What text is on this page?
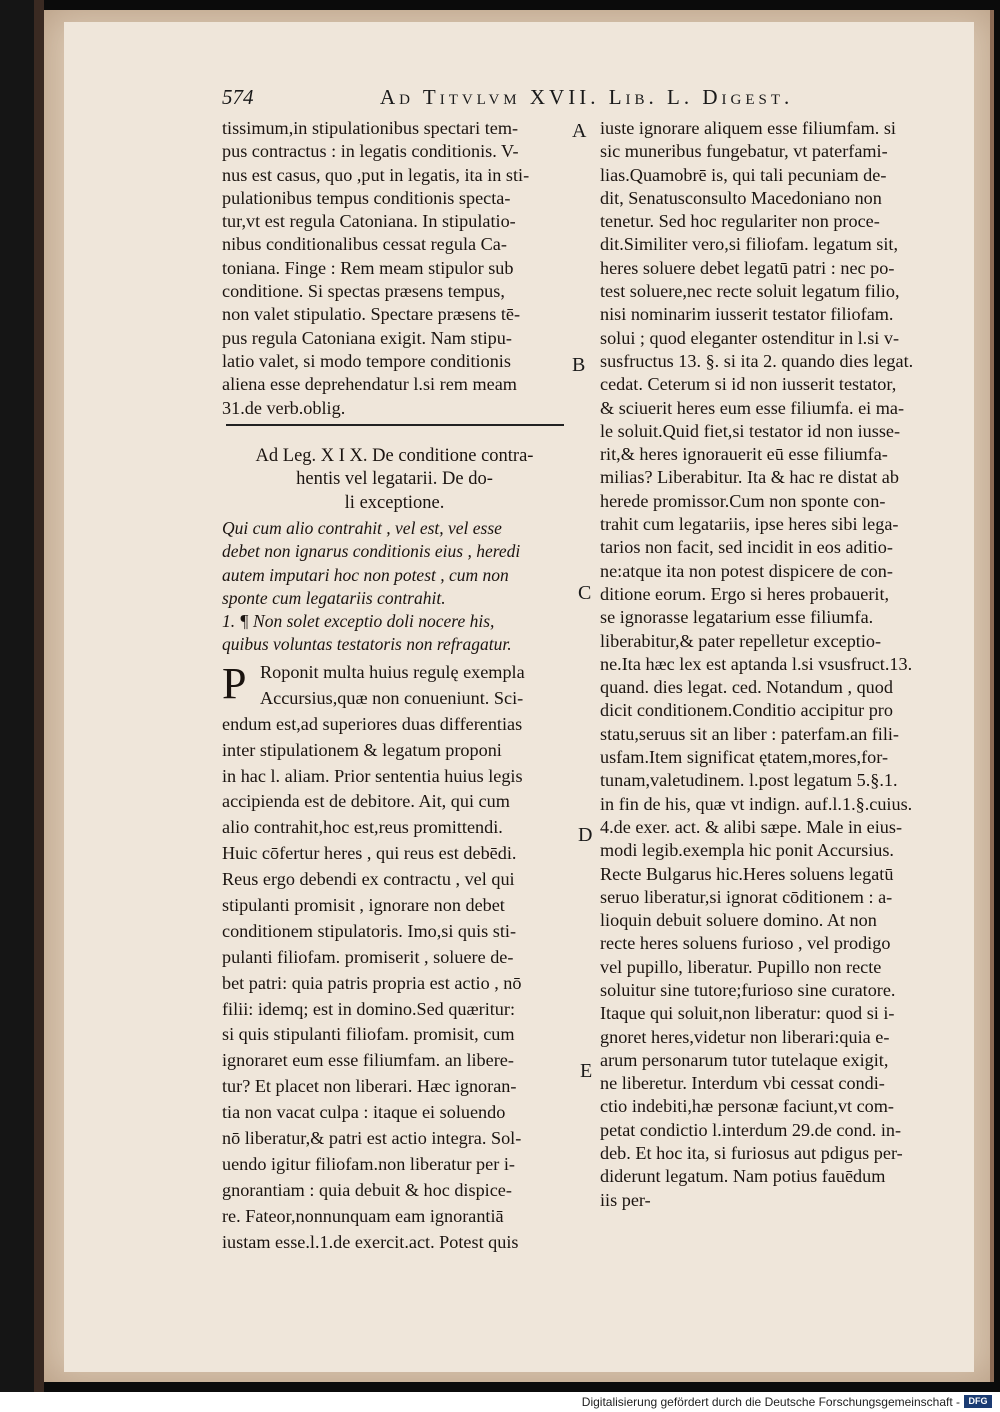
574	Ad Titvlvm XVII. Lib. L. Digest.
tissimum,in stipulationibus spectari tem-
pus contractus : in legatis conditionis. V-
nus est casus, quo ,put in legatis, ita in sti-
pulationibus tempus conditionis specta-
tur,vt est regula Catoniana. In stipulatio-
nibus conditionalibus cessat regula Ca-
toniana. Finge : Rem meam stipulor sub
conditione. Si spectas præsens tempus,
non valet stipulatio. Spectare præsens tē-
pus regula Catoniana exigit. Nam stipu-
latio valet, si modo tempore conditionis
aliena esse deprehendatur l.si rem meam
31.de verb.oblig.
Ad Leg. X I X. De conditione contra-
hentis vel legatarii. De do-
li exceptione.
Qui cum alio contrahit , vel est, vel esse
debet non ignarus conditionis eius , heredi
autem imputari hoc non potest , cum non
sponte cum legatariis contrahit.
1. ¶ Non solet exceptio doli nocere his,
quibus voluntas testatoris non refragatur.
P Roponit multa huius regulę exempla
Accursius,quæ non conueniunt. Sci-
endum est,ad superiores duas differentias
inter stipulationem & legatum proponi
in hac l. aliam. Prior sententia huius legis
accipienda est de debitore. Ait, qui cum
alio contrahit,hoc est,reus promittendi.
Huic cōfertur heres , qui reus est debēdi.
Reus ergo debendi ex contractu , vel qui
stipulanti promisit , ignorare non debet
conditionem stipulatoris. Imo,si quis sti-
pulanti filiofam. promiserit , soluere de-
bet patri: quia patris propria est actio , nō
filii: idemq; est in domino.Sed quæritur:
si quis stipulanti filiofam. promisit, cum
ignoraret eum esse filiumfam. an libere-
tur? Et placet non liberari. Hæc ignoran-
tia non vacat culpa : itaque ei soluendo
nō liberatur,& patri est actio integra. Sol-
uendo igitur filiofam.non liberatur per i-
gnorantiam : quia debuit & hoc dispice-
re. Fateor,nonnunquam eam ignorantiā
iustam esse.l.1.de exercit.act. Potest quis
iuste ignorare aliquem esse filiumfam. si
sic muneribus fungebatur, vt paterfami-
lias.Quamobrē is, qui tali pecuniam de-
dit, Senatusconsulto Macedoniano non
tenetur. Sed hoc regulariter non proce-
dit.Similiter vero,si filiofam. legatum sit,
heres soluere debet legatū patri : nec po-
test soluere,nec recte soluit legatum filio,
nisi nominarim iusserit testator filiofam.
solui ; quod eleganter ostenditur in l.si v-
susfructus 13. §. si ita 2. quando dies legat.
cedat. Ceterum si id non iusserit testator,
& sciuerit heres eum esse filiumfa. ei ma-
le soluit.Quid fiet,si testator id non iusse-
rit,& heres ignorauerit eū esse filiumfa-
milias? Liberabitur. Ita & hac re distat ab
herede promissor.Cum non sponte con-
trahit cum legatariis, ipse heres sibi lega-
tarios non facit, sed incidit in eos aditio-
ne:atque ita non potest dispicere de con-
ditione eorum. Ergo si heres probauerit,
se ignorasse legatarium esse filiumfa.
liberabitur,& pater repelletur exceptio-
ne.Ita hæc lex est aptanda l.si vsusfruct.13.
quand. dies legat. ced. Notandum , quod
dicit conditionem.Conditio accipitur pro
statu,seruus sit an liber : paterfam.an fili-
usfam.Item significat ętatem,mores,for-
tunam,valetudinem. l.post legatum 5.§.1.
in fin de his, quæ vt indign. auf.l.1.§.cuius.
4.de exer. act. & alibi sæpe. Male in eius-
modi legib.exempla hic ponit Accursius.
Recte Bulgarus hic.Heres soluens legatū
seruo liberatur,si ignorat cōditionem : a-
lioquin debuit soluere domino. At non
recte heres soluens furioso , vel prodigo
vel pupillo, liberatur. Pupillo non recte
soluitur sine tutore;furioso sine curatore.
Itaque qui soluit,non liberatur: quod si i-
gnoret heres,videtur non liberari:quia e-
arum personarum tutor tutelaque exigit,
ne liberetur. Interdum vbi cessat condi-
ctio indebiti,hæ personæ faciunt,vt com-
petat condictio l.interdum 29.de cond. in-
deb. Et hoc ita, si furiosus aut pdigus per-
diderunt legatum. Nam potius fauēdum
iis per-
A
B
C
D
E
Digitalisierung gefördert durch die Deutsche Forschungsgemeinschaft - DFG
